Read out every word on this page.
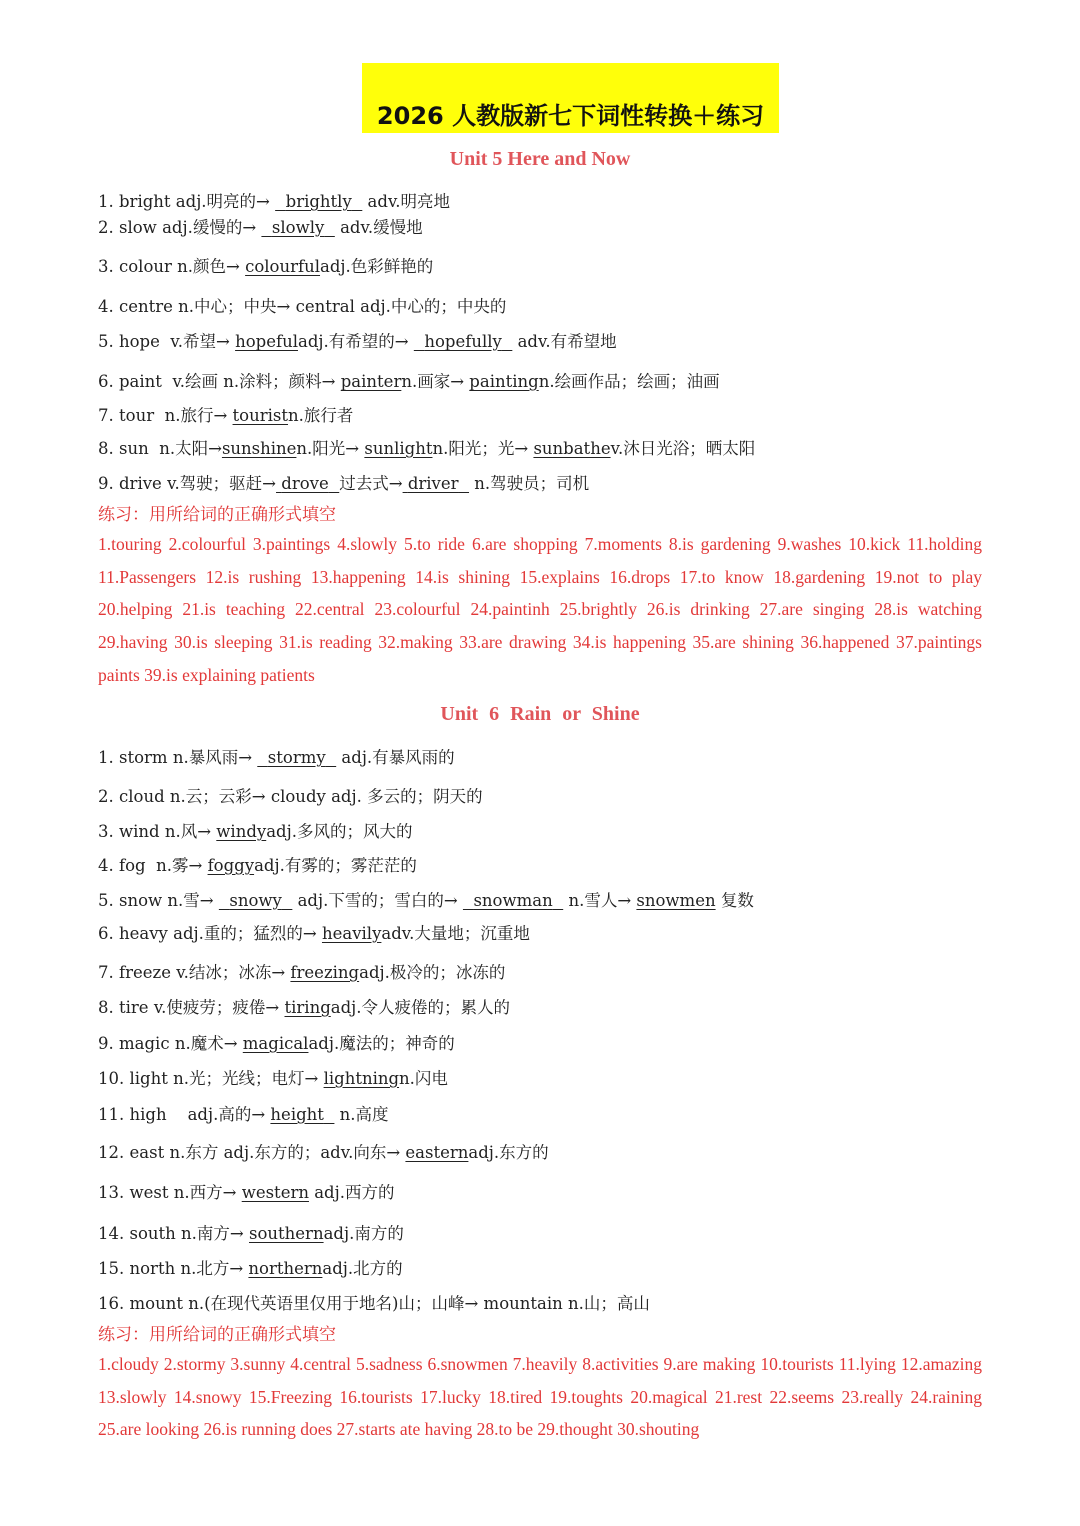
2026 人教版新七下词性转换＋练习
Unit 5 Here and Now
1. bright adj.明亮的→ brightly adv.明亮地
2. slow adj.缓慢的→ slowly adv.缓慢地
3. colour n.颜色→ colourfuladj.色彩鲜艳的
4. centre n.中心；中央→ central adj.中心的；中央的
5. hope v.希望→ hopefuladj.有希望的→ hopefully adv.有希望地
6. paint v.绘画 n.涂料；颜料→ paintern.画家→ paintingn.绘画作品；绘画；油画
7. tour n.旅行→ touristn.旅行者
8. sun n.太阳→sunshinen.阳光→ sunlightn.阳光；光→ sunbathev.沐日光浴；晒太阳
9. drive v.驾驶；驱赶→ drove 过去式→ driver n.驾驶员；司机
练习：用所给词的正确形式填空
1.touring 2.colourful 3.paintings 4.slowly 5.to ride 6.are shopping 7.moments 8.is gardening 9.washes 10.kick 11.holding 11.Passengers 12.is rushing 13.happening 14.is shining 15.explains 16.drops 17.to know 18.gardening 19.not to play 20.helping 21.is teaching 22.central 23.colourful 24.paintinh 25.brightly 26.is drinking 27.are singing 28.is watching 29.having 30.is sleeping 31.is reading 32.making 33.are drawing 34.is happening 35.are shining 36.happened 37.paintings paints 39.is explaining patients
Unit 6 Rain or Shine
1. storm n.暴风雨→ stormy adj.有暴风雨的
2. cloud n.云；云彩→ cloudy adj. 多云的；阴天的
3. wind n.风→ windyadj.多风的；风大的
4. fog n.雾→ foggyadj.有雾的；雾茫茫的
5. snow n.雪→ snowy adj.下雪的；雪白的→ snowman n.雪人→ snowmen 复数
6. heavy adj.重的；猛烈的→ heavilyadv.大量地；沉重地
7. freeze v.结冰；冰冻→ freezingadj.极冷的；冰冻的
8. tire v.使疲劳；疲倦→ tiringadj.令人疲倦的；累人的
9. magic n.魔术→ magicaladj.魔法的；神奇的
10. light n.光；光线；电灯→ lightningn.闪电
11. high adj.高的→ height n.高度
12. east n.东方 adj.东方的；adv.向东→ easternadj.东方的
13. west n.西方→ western adj.西方的
14. south n.南方→ southernadj.南方的
15. north n.北方→ northernadj.北方的
16. mount n.(在现代英语里仅用于地名)山；山峰→ mountain n.山；高山
练习：用所给词的正确形式填空
1.cloudy 2.stormy 3.sunny 4.central 5.sadness 6.snowmen 7.heavily 8.activities 9.are making 10.tourists 11.lying 12.amazing 13.slowly 14.snowy 15.Freezing 16.tourists 17.lucky 18.tired 19.toughts 20.magical 21.rest 22.seems 23.really 24.raining 25.are looking 26.is running does 27.starts ate having 28.to be 29.thought 30.shouting
